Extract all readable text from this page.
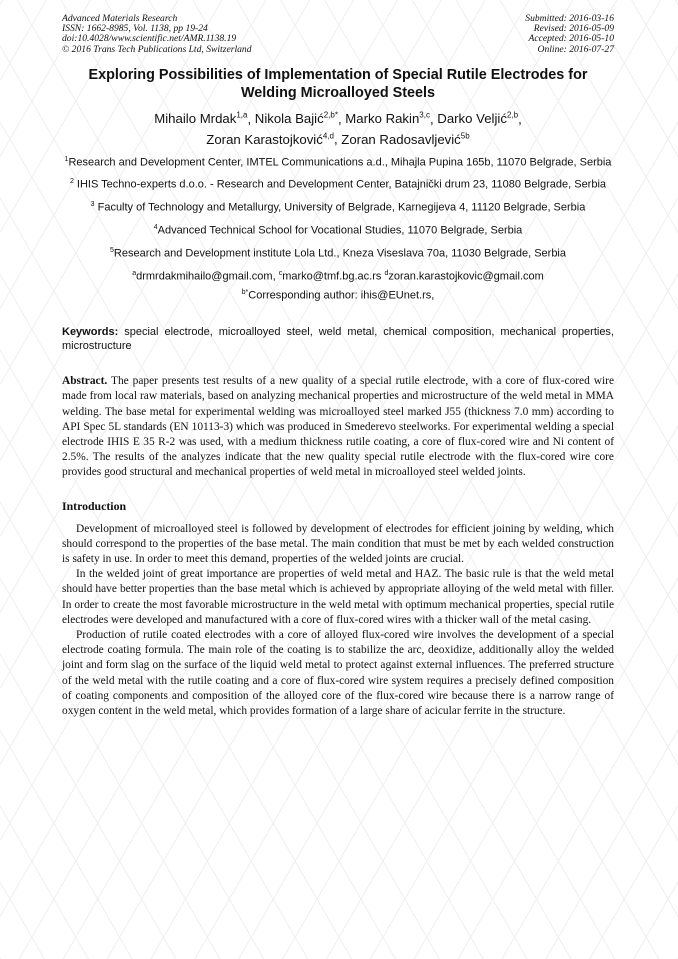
Advanced Materials Research
ISSN: 1662-8985, Vol. 1138, pp 19-24
doi:10.4028/www.scientific.net/AMR.1138.19
© 2016 Trans Tech Publications Ltd, Switzerland
Submitted: 2016-03-16
Revised: 2016-05-09
Accepted: 2016-05-10
Online: 2016-07-27
Exploring Possibilities of Implementation of Special Rutile Electrodes for Welding Microalloyed Steels
Mihailo Mrdak$^{1,a}$, Nikola Bajić$^{2,b*}$, Marko Rakin$^{3,c}$, Darko Veljić$^{2,b}$,
Zoran Karastojković$^{4,d}$, Zoran Radosavljević$^{5b}$

$^1$Research and Development Center, IMTEL Communications a.d., Mihajla Pupina 165b, 11070 Belgrade, Serbia

$^2$ IHIS Techno-experts d.o.o. - Research and Development Center, Batajnički drum 23, 11080 Belgrade, Serbia

$^3$ Faculty of Technology and Metallurgy, University of Belgrade, Karnegijeva 4, 11120 Belgrade, Serbia

$^4$Advanced Technical School for Vocational Studies, 11070 Belgrade, Serbia

$^5$Research and Development institute Lola Ltd., Kneza Viseslava 70a, 11030 Belgrade, Serbia

$^a$drmrdakmihailo@gmail.com, $^c$marko@tmf.bg.ac.rs $^d$zoran.karastojkovic@gmail.com
$^{b*}$Corresponding author: ihis@EUnet.rs,
Keywords: special electrode, microalloyed steel, weld metal, chemical composition, mechanical properties, microstructure
Abstract. The paper presents test results of a new quality of a special rutile electrode, with a core of flux-cored wire made from local raw materials, based on analyzing mechanical properties and microstructure of the weld metal in MMA welding. The base metal for experimental welding was microalloyed steel marked J55 (thickness 7.0 mm) according to API Spec 5L standards (EN 10113-3) which was produced in Smederevo steelworks. For experimental welding a special electrode IHIS E 35 R-2 was used, with a medium thickness rutile coating, a core of flux-cored wire and Ni content of 2.5%. The results of the analyzes indicate that the new quality special rutile electrode with the flux-cored wire core provides good structural and mechanical properties of weld metal in microalloyed steel welded joints.
Introduction

Development of microalloyed steel is followed by development of electrodes for efficient joining by welding, which should correspond to the properties of the base metal. The main condition that must be met by each welded construction is safety in use. In order to meet this demand, properties of the welded joints are crucial.

In the welded joint of great importance are properties of weld metal and HAZ. The basic rule is that the weld metal should have better properties than the base metal which is achieved by appropriate alloying of the weld metal with filler. In order to create the most favorable microstructure in the weld metal with optimum mechanical properties, special rutile electrodes were developed and manufactured with a core of flux-cored wires with a thicker wall of the metal casing.

Production of rutile coated electrodes with a core of alloyed flux-cored wire involves the development of a special electrode coating formula. The main role of the coating is to stabilize the arc, deoxidize, additionally alloy the welded joint and form slag on the surface of the liquid weld metal to protect against external influences. The preferred structure of the weld metal with the rutile coating and a core of flux-cored wire system requires a precisely defined composition of coating components and composition of the alloyed core of the flux-cored wire because there is a narrow range of oxygen content in the weld metal, which provides formation of a large share of acicular ferrite in the structure.
